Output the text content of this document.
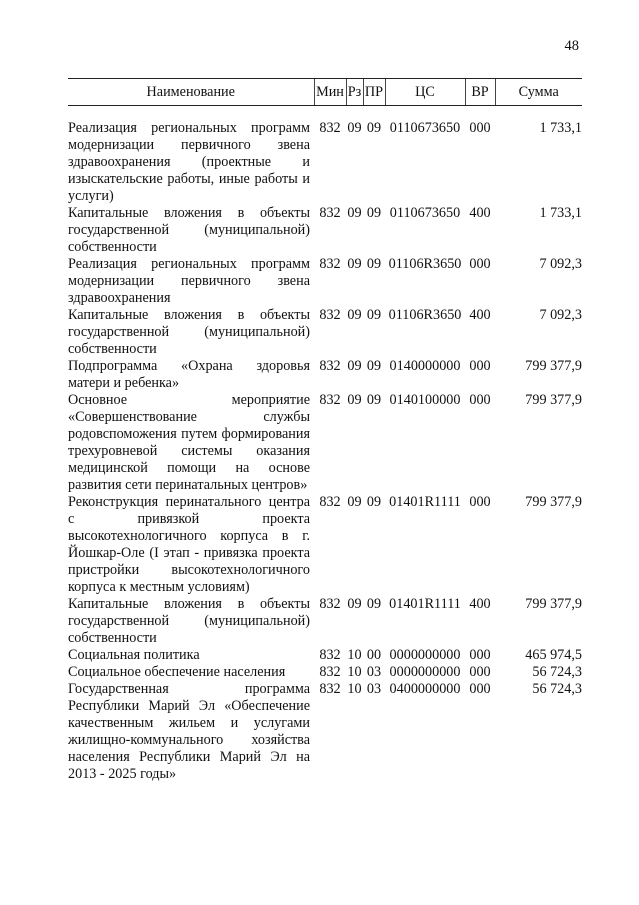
48
Наименование	Мин	Рз	ПР	ЦС	ВР	Сумма

Реализация региональных программ модернизации первичного звена здравоохранения (проектные и изыскательские работы, иные работы и услуги)	832	09	09	0110673650	000	1 733,1
Капитальные вложения в объекты государственной (муниципальной) собственности	832	09	09	0110673650	400	1 733,1
Реализация региональных программ модернизации первичного звена здравоохранения	832	09	09	01106R3650	000	7 092,3
Капитальные вложения в объекты государственной (муниципальной) собственности	832	09	09	01106R3650	400	7 092,3
Подпрограмма «Охрана здоровья матери и ребенка»	832	09	09	0140000000	000	799 377,9
Основное мероприятие «Совершенствование службы родовспоможения путем формирования трехуровневой системы оказания медицинской помощи на основе развития сети перинатальных центров»	832	09	09	0140100000	000	799 377,9
Реконструкция перинатального центра с привязкой проекта высокотехнологичного корпуса в г. Йошкар-Оле (I этап - привязка проекта пристройки высокотехнологичного корпуса к местным условиям)	832	09	09	01401R1111	000	799 377,9
Капитальные вложения в объекты государственной (муниципальной) собственности	832	09	09	01401R1111	400	799 377,9
Социальная политика	832	10	00	0000000000	000	465 974,5
Социальное обеспечение населения	832	10	03	0000000000	000	56 724,3
Государственная программа Республики Марий Эл «Обеспечение качественным жильем и услугами жилищно-коммунального хозяйства населения Республики Марий Эл на 2013 - 2025 годы»	832	10	03	0400000000	000	56 724,3
